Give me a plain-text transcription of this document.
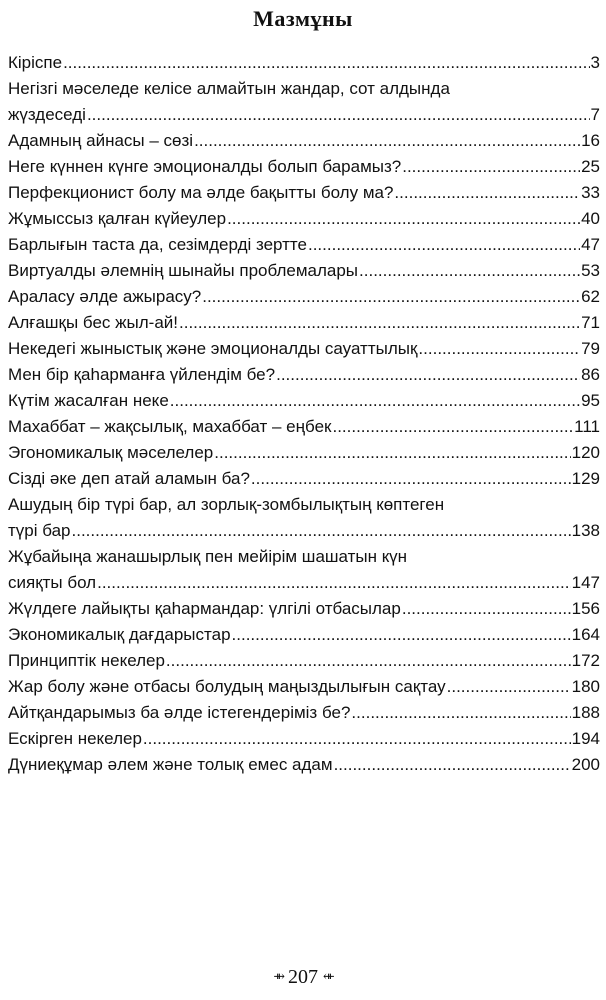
Мазмұны
Кіріспе .....	3
Негізгі мәселеде келісе алмайтын жандар, сот алдында
жүздеседі .....	7
Адамның айнасы – сөзі .....	16
Неге күннен күнге эмоционалды болып барамыз? .....	25
Перфекционист болу ма әлде бақытты болу ма? .....	33
Жұмыссыз қалған күйеулер .....	40
Барлығын таста да, сезімдерді зертте .....	47
Виртуалды әлемнің шынайы проблемалары .....	53
Араласу әлде ажырасу? .....	62
Алғашқы бес жыл-ай! .....	71
Некедегі жыныстық және эмоционалды сауаттылық .....	79
Мен бір қаһарманға үйлендім бе? .....	86
Күтім жасалған неке .....	95
Махаббат – жақсылық, махаббат – еңбек .....	111
Эгономикалық мәселелер .....	120
Сізді әке деп атай аламын ба? .....	129
Ашудың бір түрі бар, ал зорлық-зомбылықтың көптеген
түрі бар .....	138
Жұбайыңа жанашырлық пен мейірім шашатын күн
сияқты бол .....	147
Жүлдеге лайықты қаһармандар: үлгілі отбасылар .....	156
Экономикалық дағдарыстар .....	164
Принциптік некелер .....	172
Жар болу және отбасы болудың маңыздылығын сақтау .....	180
Айтқандарымыз ба әлде істегендеріміз бе? .....	188
Ескірген некелер .....	194
Дүниеқұмар әлем және толық емес адам .....	200
⇻ 207 ⇺
